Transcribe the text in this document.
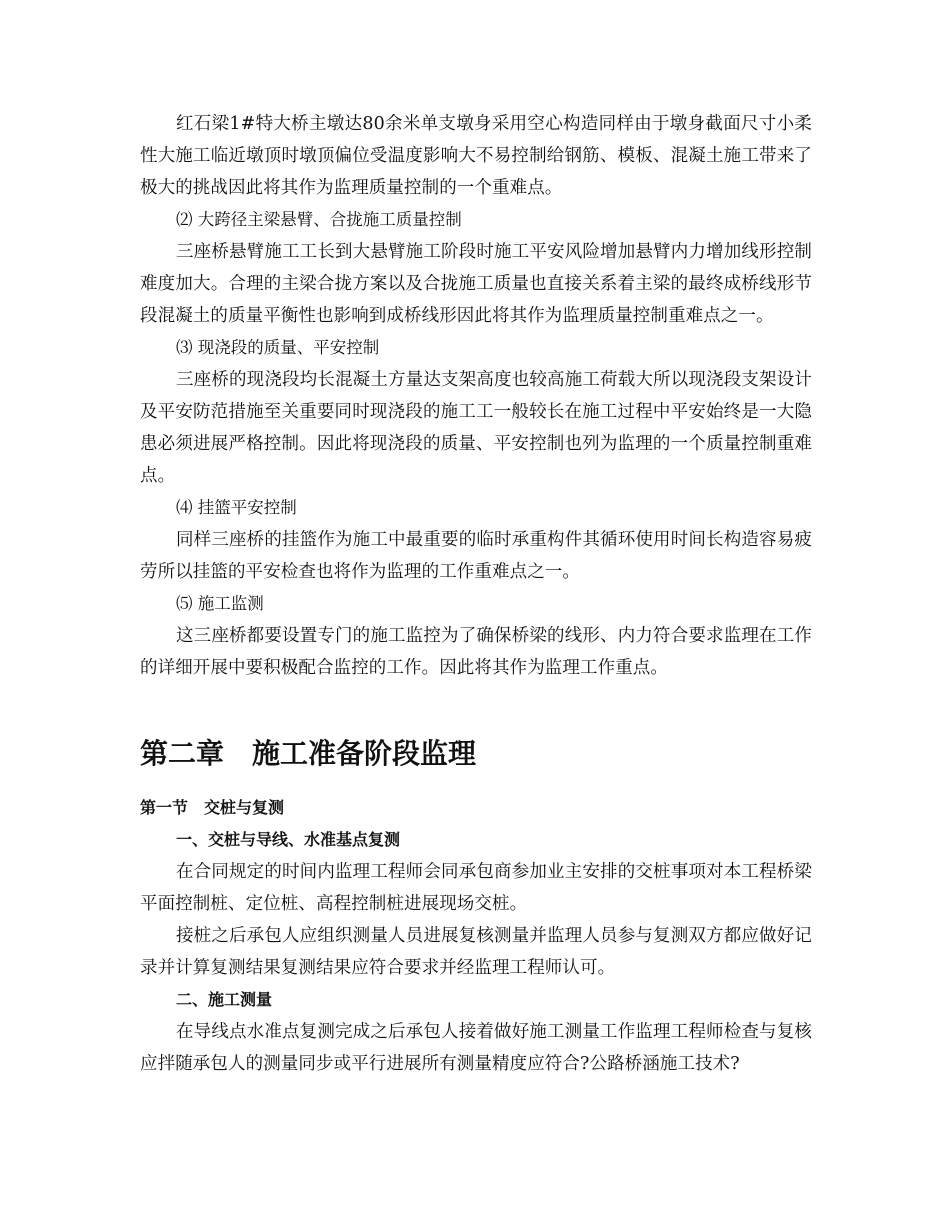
红石梁1#特大桥主墩达80余米单支墩身采用空心构造同样由于墩身截面尺寸小柔性大施工临近墩顶时墩顶偏位受温度影响大不易控制给钢筋、模板、混凝土施工带来了极大的挑战因此将其作为监理质量控制的一个重难点。

⑵ 大跨径主梁悬臂、合拢施工质量控制

三座桥悬臂施工工长到大悬臂施工阶段时施工平安风险增加悬臂内力增加线形控制难度加大。合理的主梁合拢方案以及合拢施工质量也直接关系着主梁的最终成桥线形节段混凝土的质量平衡性也影响到成桥线形因此将其作为监理质量控制重难点之一。

⑶ 现浇段的质量、平安控制

三座桥的现浇段均长混凝土方量达支架高度也较高施工荷载大所以现浇段支架设计及平安防范措施至关重要同时现浇段的施工工一般较长在施工过程中平安始终是一大隐患必须进展严格控制。因此将现浇段的质量、平安控制也列为监理的一个质量控制重难点。

⑷ 挂篮平安控制

同样三座桥的挂篮作为施工中最重要的临时承重构件其循环使用时间长构造容易疲劳所以挂篮的平安检查也将作为监理的工作重难点之一。

⑸ 施工监测

这三座桥都要设置专门的施工监控为了确保桥梁的线形、内力符合要求监理在工作的详细开展中要积极配合监控的工作。因此将其作为监理工作重点。

第二章　施工准备阶段监理
第一节　交桩与复测
一、交桩与导线、水准基点复测

在合同规定的时间内监理工程师会同承包商参加业主安排的交桩事项对本工程桥梁平面控制桩、定位桩、高程控制桩进展现场交桩。

接桩之后承包人应组织测量人员进展复核测量并监理人员参与复测双方都应做好记录并计算复测结果复测结果应符合要求并经监理工程师认可。

二、施工测量

在导线点水准点复测完成之后承包人接着做好施工测量工作监理工程师检查与复核应拌随承包人的测量同步或平行进展所有测量精度应符合?公路桥涵施工技术?
